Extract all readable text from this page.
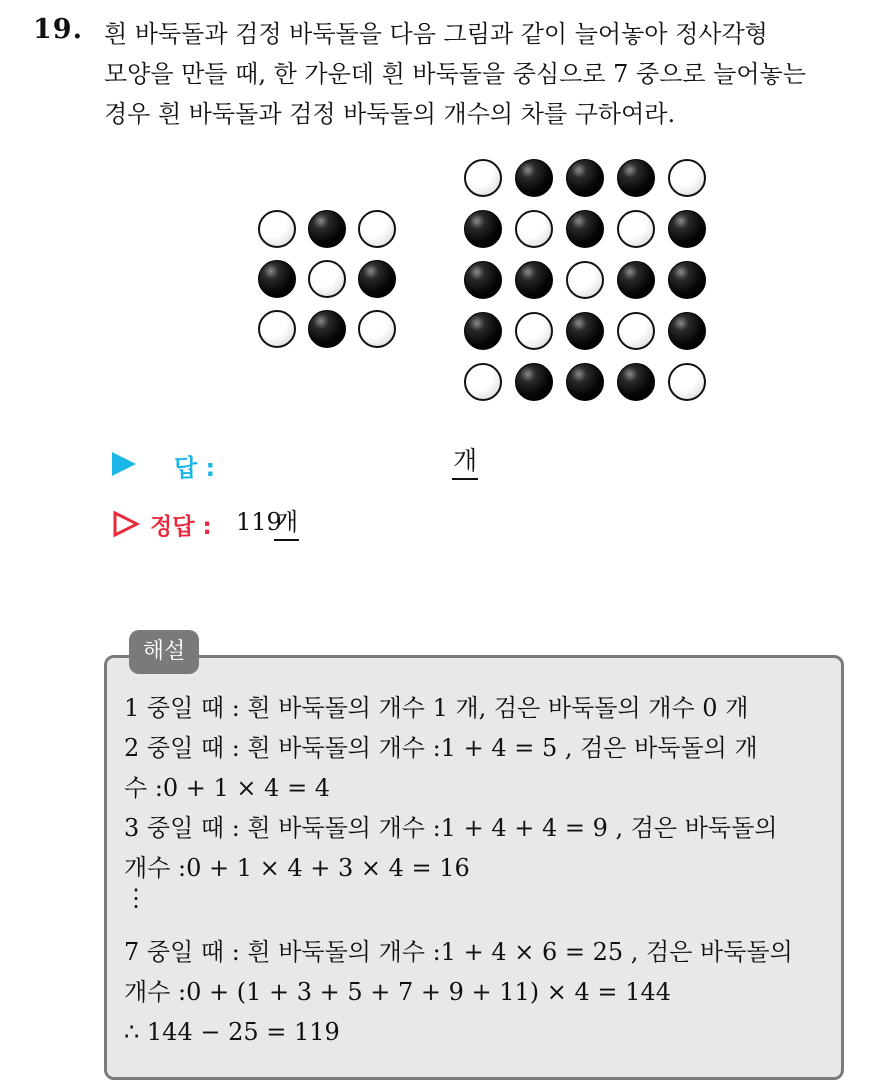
19. 흰 바둑돌과 검정 바둑돌을 다음 그림과 같이 늘어놓아 정사각형
모양을 만들 때, 한 가운데 흰 바둑돌을 중심으로 7 중으로 늘어놓는
경우 흰 바둑돌과 검정 바둑돌의 개수의 차를 구하여라.
답 :	개
정답 : 119
개
해설
1 중일 때 : 흰 바둑돌의 개수 1 개, 검은 바둑돌의 개수 0 개
2 중일 때 : 흰 바둑돌의 개수 :1 + 4 = 5 , 검은 바둑돌의 개
수 :0 + 1 × 4 = 4
3 중일 때 : 흰 바둑돌의 개수 :1 + 4 + 4 = 9 , 검은 바둑돌의
개수 :0 + 1 × 4 + 3 × 4 = 16
⋮
7 중일 때 : 흰 바둑돌의 개수 :1 + 4 × 6 = 25 , 검은 바둑돌의
개수 :0 + (1 + 3 + 5 + 7 + 9 + 11) × 4 = 144
∴ 144 − 25 = 119
